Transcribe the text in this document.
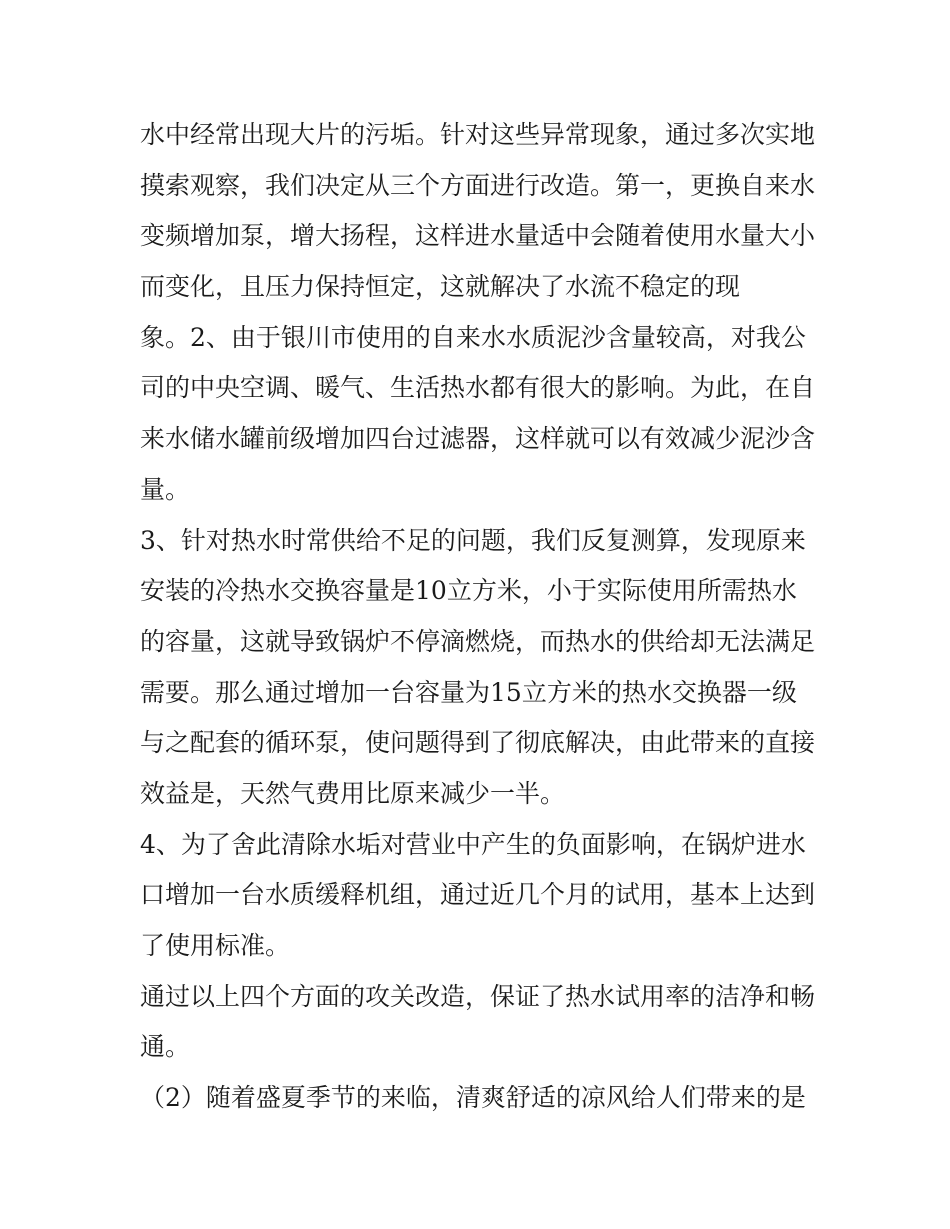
水中经常出现大片的污垢。针对这些异常现象，通过多次实地
摸索观察，我们决定从三个方面进行改造。第一，更换自来水
变频增加泵，增大扬程，这样进水量适中会随着使用水量大小
而变化，且压力保持恒定，这就解决了水流不稳定的现
象。2、由于银川市使用的自来水水质泥沙含量较高，对我公
司的中央空调、暖气、生活热水都有很大的影响。为此，在自
来水储水罐前级增加四台过滤器，这样就可以有效减少泥沙含
量。
3、针对热水时常供给不足的问题，我们反复测算，发现原来
安装的冷热水交换容量是10立方米，小于实际使用所需热水
的容量，这就导致锅炉不停滴燃烧，而热水的供给却无法满足
需要。那么通过增加一台容量为15立方米的热水交换器一级
与之配套的循环泵，使问题得到了彻底解决，由此带来的直接
效益是，天然气费用比原来减少一半。
4、为了舍此清除水垢对营业中产生的负面影响，在锅炉进水
口增加一台水质缓释机组，通过近几个月的试用，基本上达到
了使用标准。
通过以上四个方面的攻关改造，保证了热水试用率的洁净和畅
通。
（2）随着盛夏季节的来临，清爽舒适的凉风给人们带来的是
